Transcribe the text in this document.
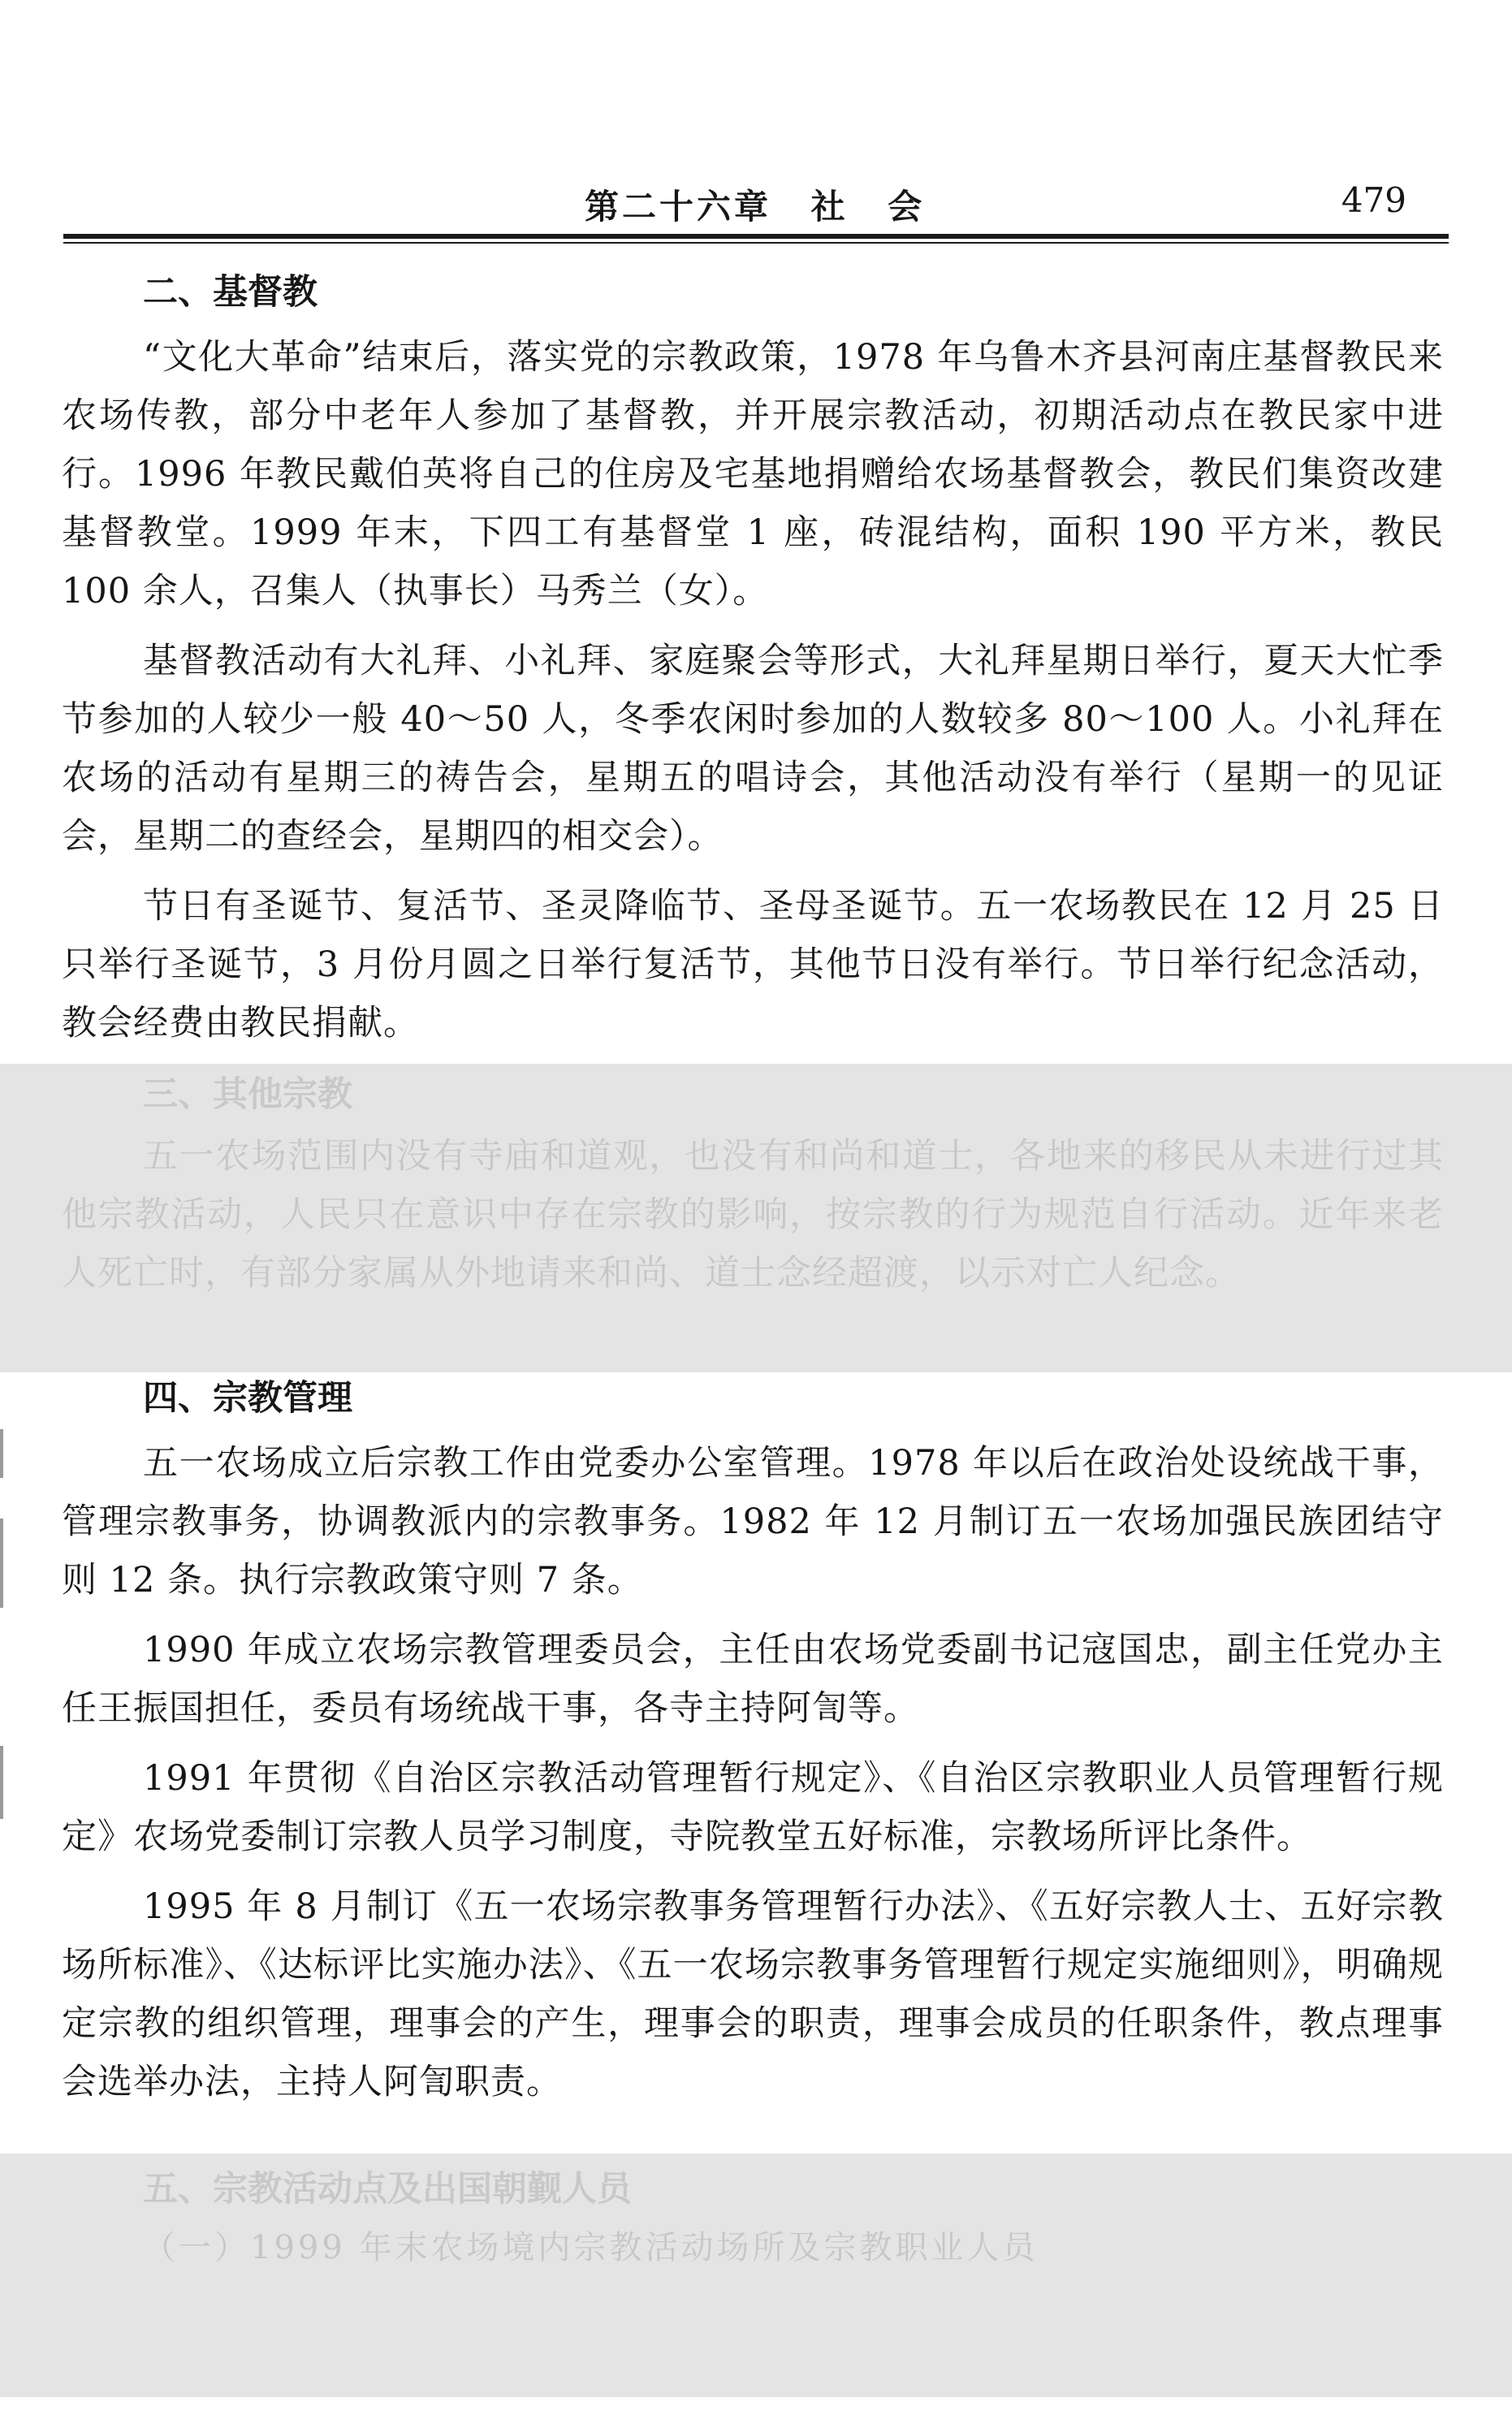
第二十六章 社 会	479
二、基督教

“文化大革命”结束后，落实党的宗教政策，1978 年乌鲁木齐县河南庄基督教民来农场传教，部分中老年人参加了基督教，并开展宗教活动，初期活动点在教民家中进行。1996 年教民戴伯英将自己的住房及宅基地捐赠给农场基督教会，教民们集资改建基督教堂。1999 年末，下四工有基督堂 1 座，砖混结构，面积 190 平方米，教民 100 余人，召集人（执事长）马秀兰（女）。

基督教活动有大礼拜、小礼拜、家庭聚会等形式，大礼拜星期日举行，夏天大忙季节参加的人较少一般 40～50 人，冬季农闲时参加的人数较多 80～100 人。小礼拜在农场的活动有星期三的祷告会，星期五的唱诗会，其他活动没有举行（星期一的见证会，星期二的查经会，星期四的相交会）。

节日有圣诞节、复活节、圣灵降临节、圣母圣诞节。五一农场教民在 12 月 25 日只举行圣诞节，3 月份月圆之日举行复活节，其他节日没有举行。节日举行纪念活动，教会经费由教民捐献。

三、其他宗教

五一农场范围内没有寺庙和道观，也没有和尚和道士，各地来的移民从未进行过其他宗教活动，人民只在意识中存在宗教的影响，按宗教的行为规范自行活动。近年来老人死亡时，有部分家属从外地请来和尚、道士念经超渡，以示对亡人纪念。

四、宗教管理

五一农场成立后宗教工作由党委办公室管理。1978 年以后在政治处设统战干事，管理宗教事务，协调教派内的宗教事务。1982 年 12 月制订五一农场加强民族团结守则 12 条。执行宗教政策守则 7 条。

1990 年成立农场宗教管理委员会，主任由农场党委副书记寇国忠，副主任党办主任王振国担任，委员有场统战干事，各寺主持阿訇等。

1991 年贯彻《自治区宗教活动管理暂行规定》、《自治区宗教职业人员管理暂行规定》农场党委制订宗教人员学习制度，寺院教堂五好标准，宗教场所评比条件。

1995 年 8 月制订《五一农场宗教事务管理暂行办法》、《五好宗教人士、五好宗教场所标准》、《达标评比实施办法》、《五一农场宗教事务管理暂行规定实施细则》，明确规定宗教的组织管理，理事会的产生，理事会的职责，理事会成员的任职条件，教点理事会选举办法，主持人阿訇职责。

五、宗教活动点及出国朝觐人员

（一）1999 年末农场境内宗教活动场所及宗教职业人员
